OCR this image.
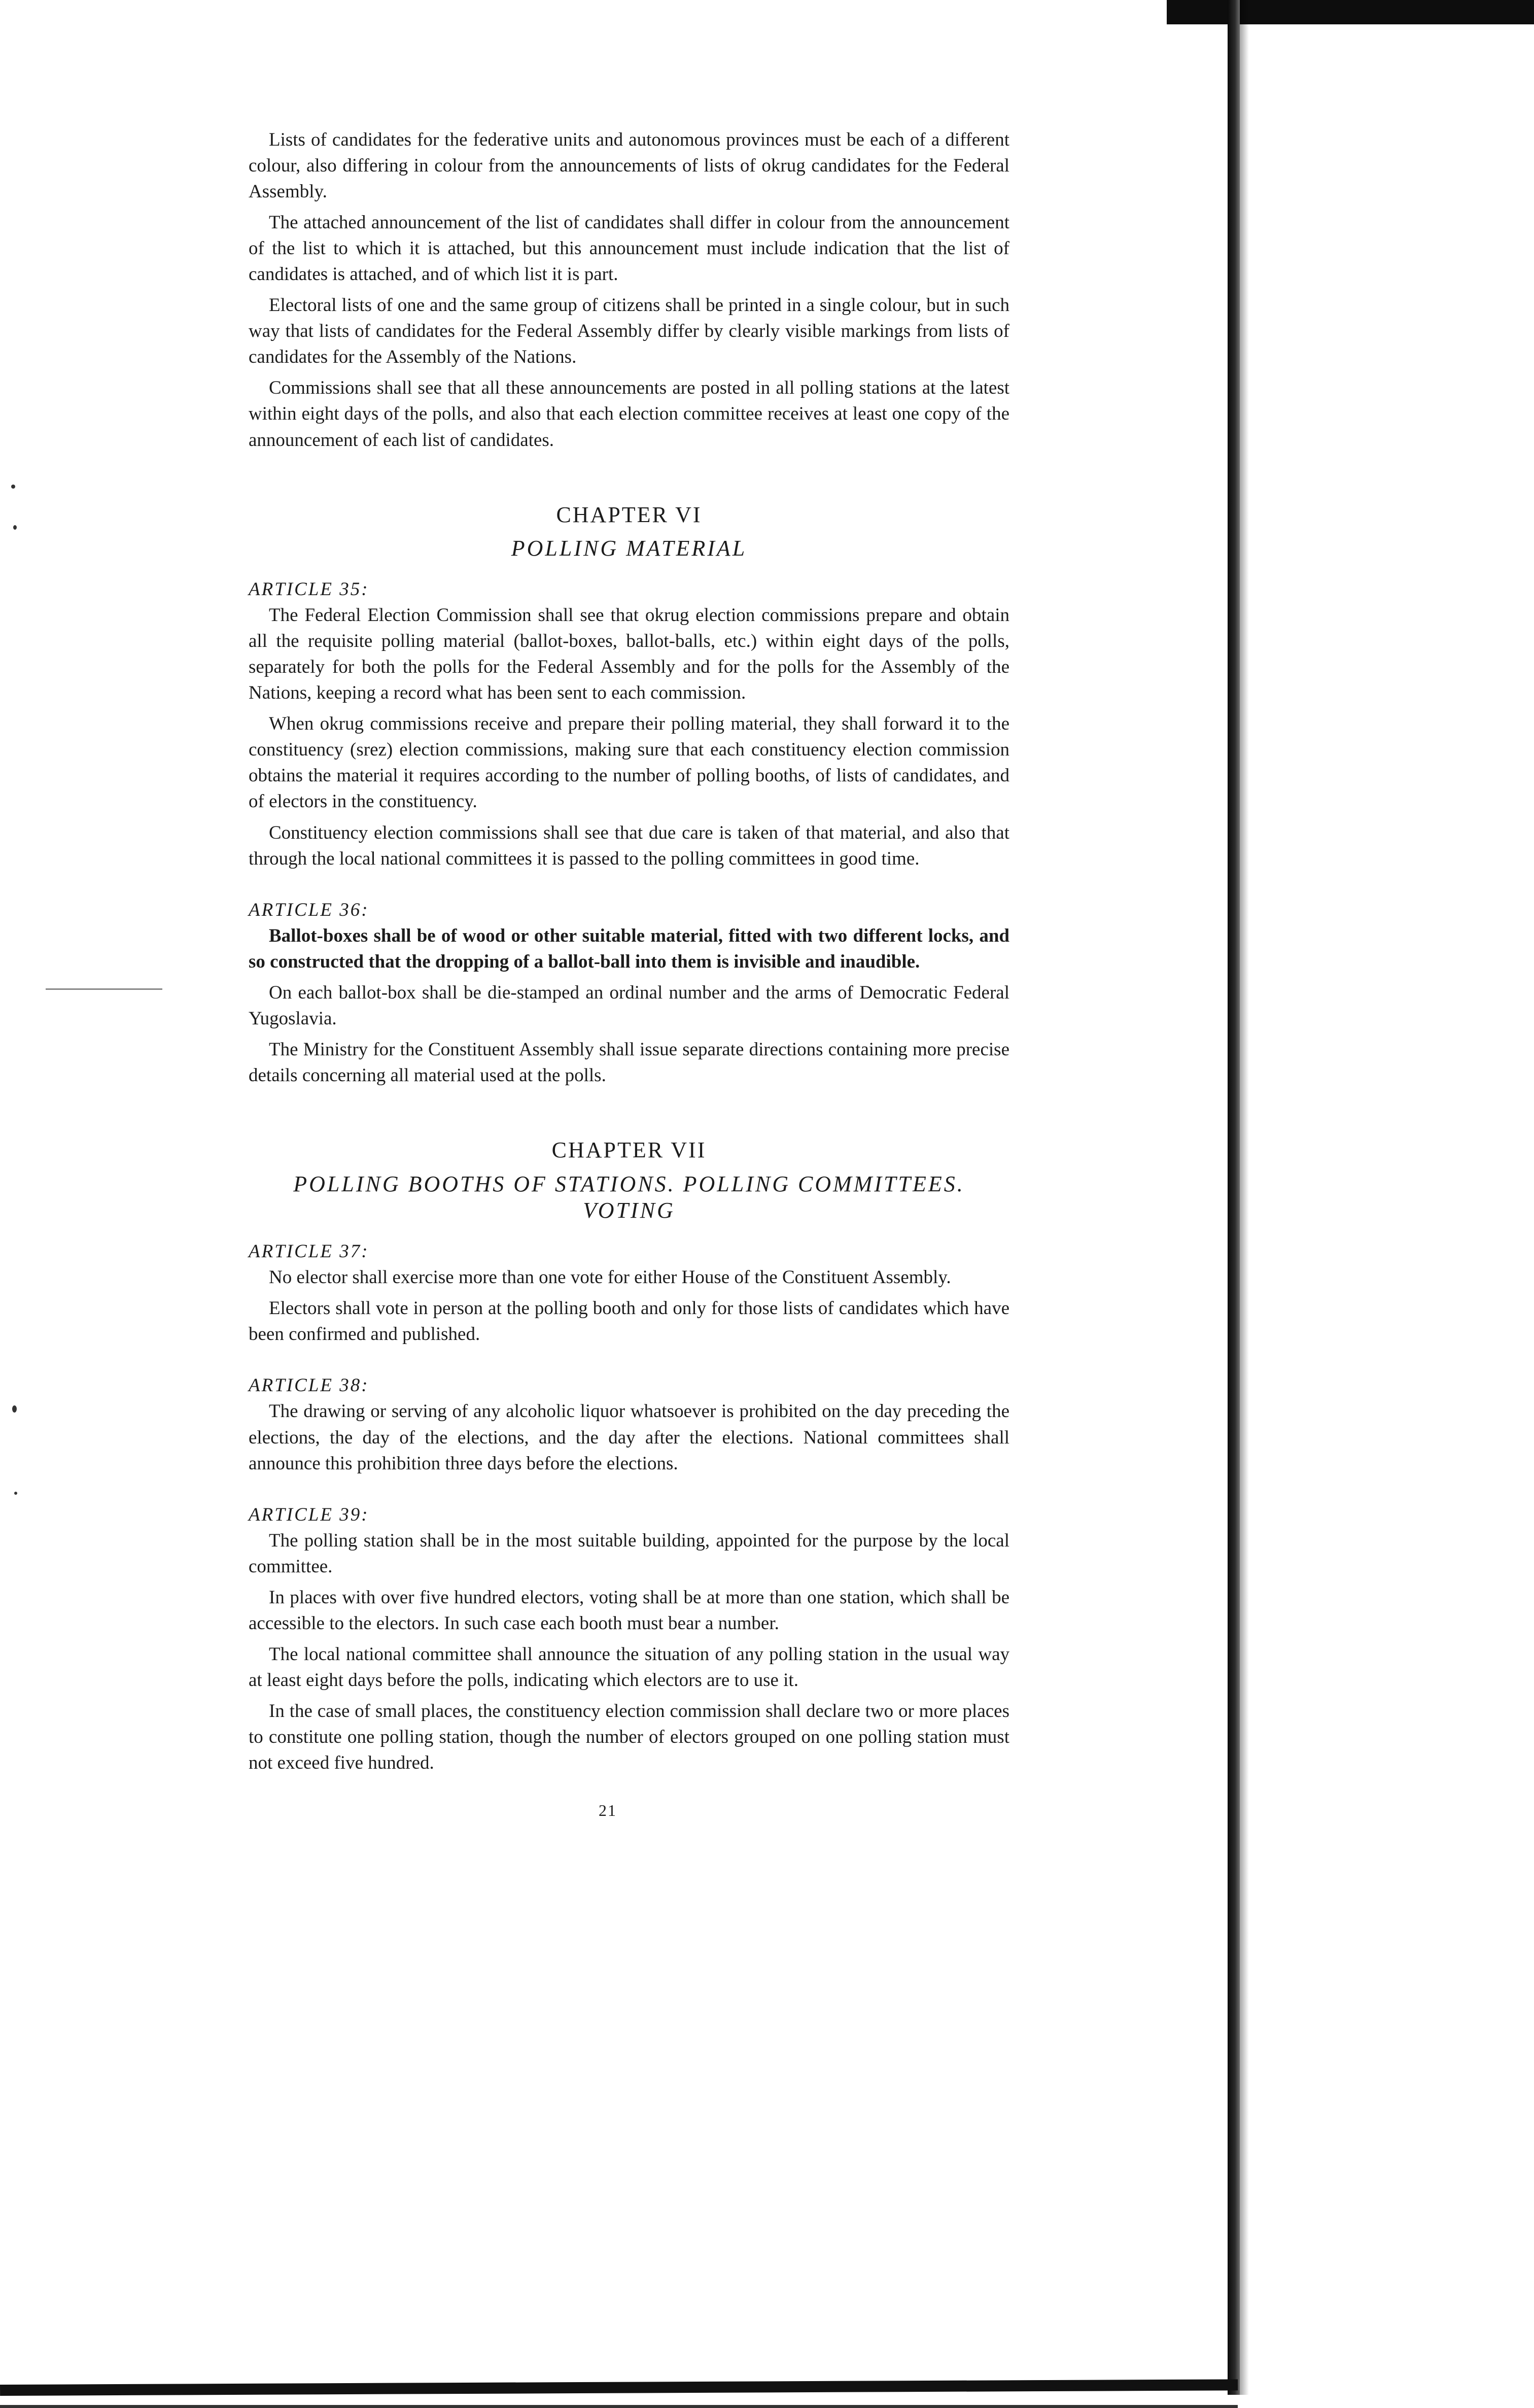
Lists of candidates for the federative units and autonomous provinces must be each of a different colour, also differing in colour from the announcements of lists of okrug candidates for the Federal Assembly.

The attached announcement of the list of candidates shall differ in colour from the announcement of the list to which it is attached, but this announcement must include indication that the list of candidates is attached, and of which list it is part.

Electoral lists of one and the same group of citizens shall be printed in a single colour, but in such way that lists of candidates for the Federal Assembly differ by clearly visible markings from lists of candidates for the Assembly of the Nations.

Commissions shall see that all these announcements are posted in all polling stations at the latest within eight days of the polls, and also that each election committee receives at least one copy of the announcement of each list of candidates.

CHAPTER VI
POLLING MATERIAL
ARTICLE 35:

The Federal Election Commission shall see that okrug election commissions prepare and obtain all the requisite polling material (ballot-boxes, ballot-balls, etc.) within eight days of the polls, separately for both the polls for the Federal Assembly and for the polls for the Assembly of the Nations, keeping a record what has been sent to each commission.

When okrug commissions receive and prepare their polling material, they shall forward it to the constituency (srez) election commissions, making sure that each constituency election commission obtains the material it requires according to the number of polling booths, of lists of candidates, and of electors in the constituency.

Constituency election commissions shall see that due care is taken of that material, and also that through the local national committees it is passed to the polling committees in good time.

ARTICLE 36:

Ballot-boxes shall be of wood or other suitable material, fitted with two different locks, and so constructed that the dropping of a ballot-ball into them is invisible and inaudible.

On each ballot-box shall be die-stamped an ordinal number and the arms of Democratic Federal Yugoslavia.

The Ministry for the Constituent Assembly shall issue separate directions containing more precise details concerning all material used at the polls.

CHAPTER VII
POLLING BOOTHS OF STATIONS. POLLING COMMITTEES.
VOTING
ARTICLE 37:

No elector shall exercise more than one vote for either House of the Constituent Assembly.

Electors shall vote in person at the polling booth and only for those lists of candidates which have been confirmed and published.

ARTICLE 38:

The drawing or serving of any alcoholic liquor whatsoever is prohibited on the day preceding the elections, the day of the elections, and the day after the elections. National committees shall announce this prohibition three days before the elections.

ARTICLE 39:

The polling station shall be in the most suitable building, appointed for the purpose by the local committee.

In places with over five hundred electors, voting shall be at more than one station, which shall be accessible to the electors. In such case each booth must bear a number.

The local national committee shall announce the situation of any polling station in the usual way at least eight days before the polls, indicating which electors are to use it.

In the case of small places, the constituency election commission shall declare two or more places to constitute one polling station, though the number of electors grouped on one polling station must not exceed five hundred.

21
